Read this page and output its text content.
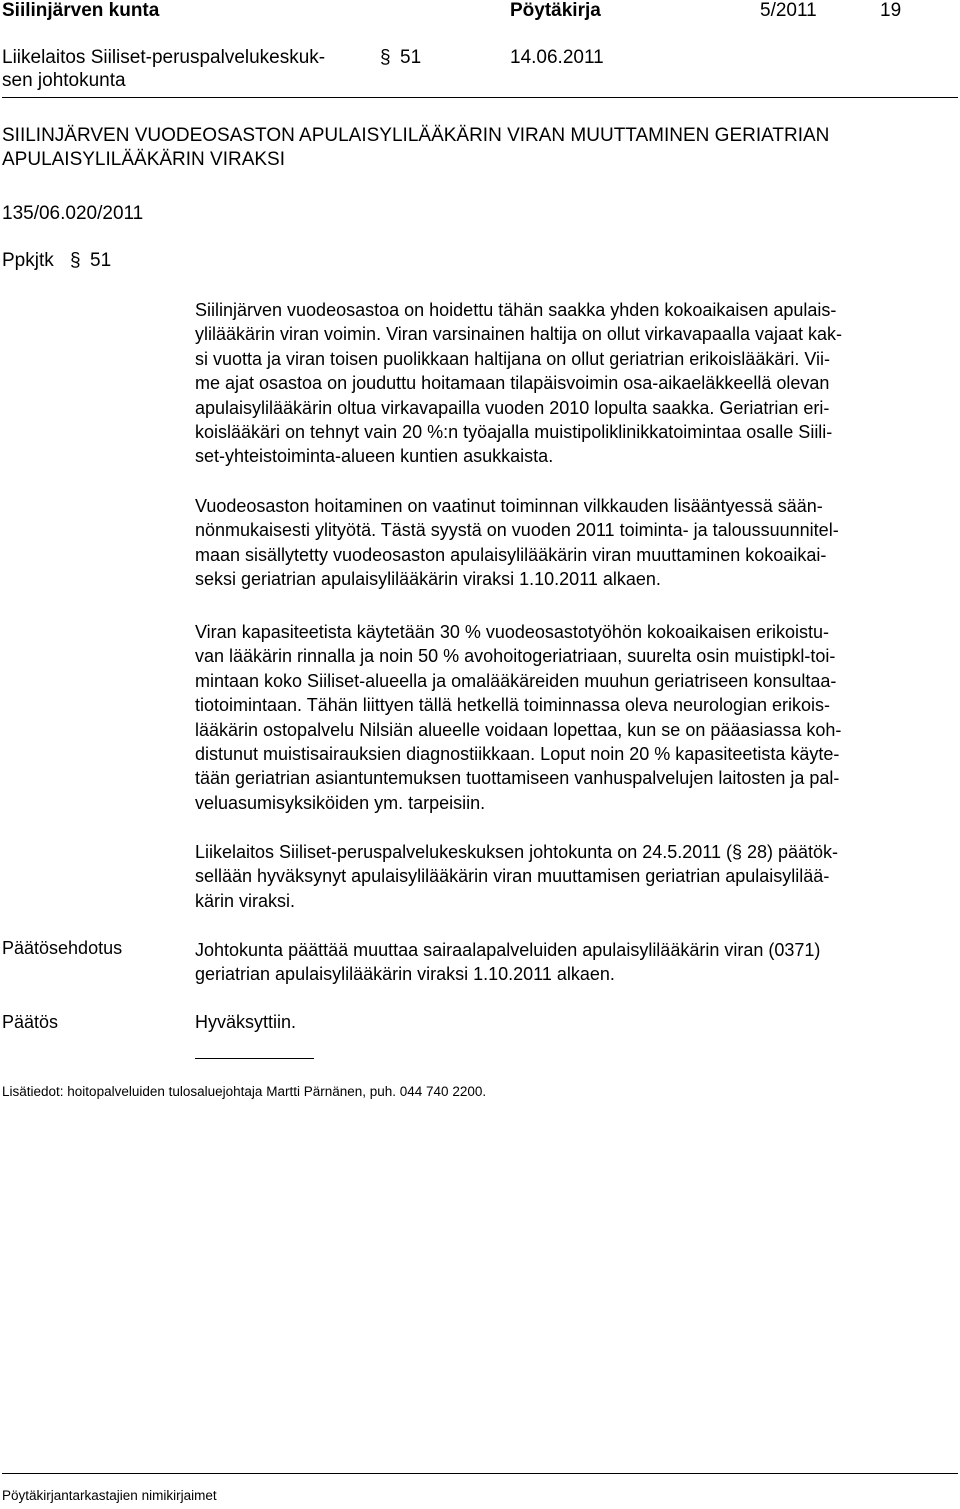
Siilinjärven kunta	Pöytäkirja	5/2011	19
Liikelaitos Siiliset-peruspalvelukeskuk-
sen johtokunta
§ 51	14.06.2011
SIILINJÄRVEN VUODEOSASTON APULAISYLILÄÄKÄRIN VIRAN MUUTTAMINEN GERIATRIAN
APULAISYLILÄÄKÄRIN VIRAKSI
135/06.020/2011
Ppkjtk § 51
Siilinjärven vuodeosastoa on hoidettu tähän saakka yhden kokoaikaisen apulais-
ylilääkärin viran voimin. Viran varsinainen haltija on ollut virkavapaalla vajaat kak-
si vuotta ja viran toisen puolikkaan haltijana on ollut geriatrian erikoislääkäri. Vii-
me ajat osastoa on jouduttu hoitamaan tilapäisvoimin osa-aikaeläkkeellä olevan
apulaisylilääkärin oltua virkavapailla vuoden 2010 lopulta saakka. Geriatrian eri-
koislääkäri on tehnyt vain 20 %:n työajalla muistipoliklinikkatoimintaa osalle Siili-
set-yhteistoiminta-alueen kuntien asukkaista.
Vuodeosaston hoitaminen on vaatinut toiminnan vilkkauden lisääntyessä sään-
nönmukaisesti ylityötä. Tästä syystä on vuoden 2011 toiminta- ja taloussuunnitel-
maan sisällytetty vuodeosaston apulaisylilääkärin viran muuttaminen kokoaikai-
seksi geriatrian apulaisylilääkärin viraksi 1.10.2011 alkaen.
Viran kapasiteetista käytetään 30 % vuodeosastotyöhön kokoaikaisen erikoistu-
van lääkärin rinnalla ja noin 50 % avohoitogeriatriaan, suurelta osin muistipkl-toi-
mintaan koko Siiliset-alueella ja omalääkäreiden muuhun geriatriseen konsultaa-
tiotoimintaan. Tähän liittyen tällä hetkellä toiminnassa oleva neurologian erikois-
lääkärin ostopalvelu Nilsiän alueelle voidaan lopettaa, kun se on pääasiassa koh-
distunut muistisairauksien diagnostiikkaan. Loput noin 20 % kapasiteetista käyte-
tään geriatrian asiantuntemuksen tuottamiseen vanhuspalvelujen laitosten ja pal-
veluasumisyksiköiden ym. tarpeisiin.
Liikelaitos Siiliset-peruspalvelukeskuksen johtokunta on 24.5.2011 (§ 28) päätök-
sellään hyväksynyt apulaisylilääkärin viran muuttamisen geriatrian apulaisylilää-
kärin viraksi.
Päätösehdotus	Johtokunta päättää muuttaa sairaalapalveluiden apulaisylilääkärin viran (0371)
geriatrian apulaisylilääkärin viraksi 1.10.2011 alkaen.
Päätös	Hyväksyttiin.
Lisätiedot: hoitopalveluiden tulosaluejohtaja Martti Pärnänen, puh. 044 740 2200.
Pöytäkirjantarkastajien nimikirjaimet
